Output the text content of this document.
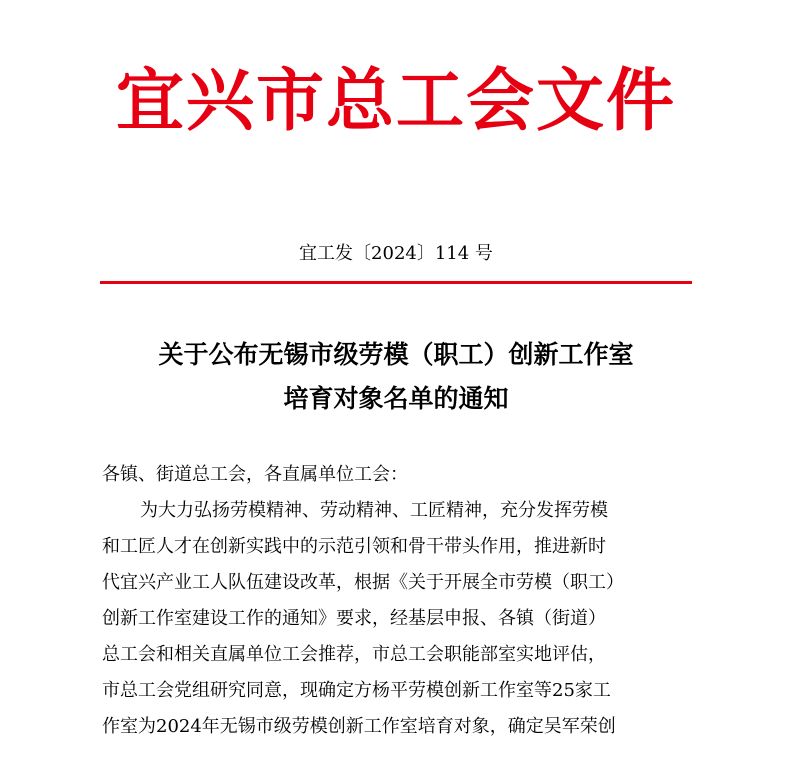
宜兴市总工会文件
宜工发〔2024〕114 号
关于公布无锡市级劳模（职工）创新工作室
培育对象名单的通知
各镇、街道总工会，各直属单位工会：
为大力弘扬劳模精神、劳动精神、工匠精神，充分发挥劳模
和工匠人才在创新实践中的示范引领和骨干带头作用，推进新时
代宜兴产业工人队伍建设改革，根据《关于开展全市劳模（职工）
创新工作室建设工作的通知》要求，经基层申报、各镇（街道）
总工会和相关直属单位工会推荐，市总工会职能部室实地评估，
市总工会党组研究同意，现确定方杨平劳模创新工作室等25家工
作室为2024年无锡市级劳模创新工作室培育对象，确定吴军荣创
